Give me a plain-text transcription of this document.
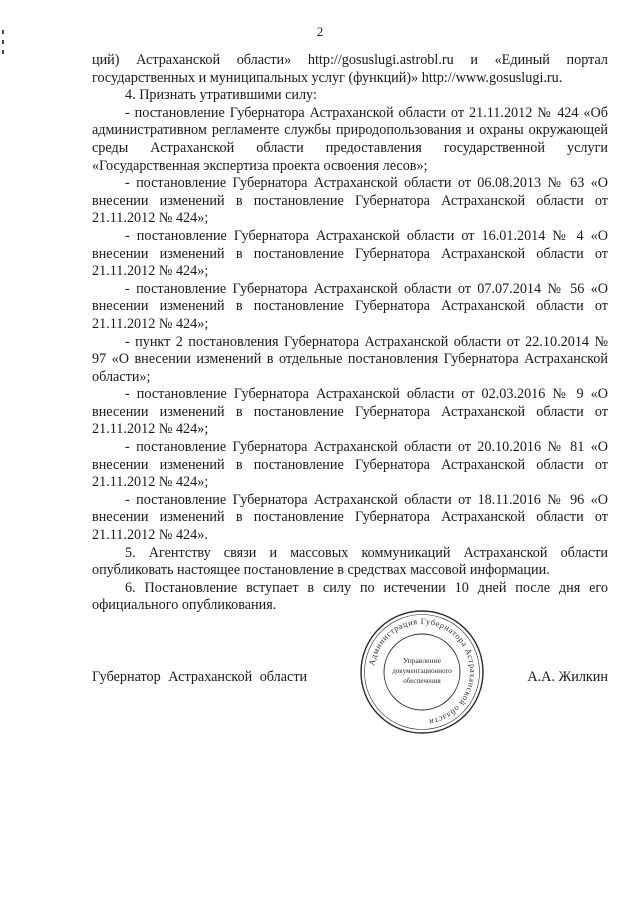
2

ций) Астраханской области» http://gosuslugi.astrobl.ru и «Единый портал государственных и муниципальных услуг (функций)» http://www.gosuslugi.ru.

4. Признать утратившими силу:

- постановление Губернатора Астраханской области от 21.11.2012 № 424 «Об административном регламенте службы природопользования и охраны окружающей среды Астраханской области предоставления государственной услуги «Государственная экспертиза проекта освоения лесов»;

- постановление Губернатора Астраханской области от 06.08.2013 № 63 «О внесении изменений в постановление Губернатора Астраханской области от 21.11.2012 № 424»;

- постановление Губернатора Астраханской области от 16.01.2014 № 4 «О внесении изменений в постановление Губернатора Астраханской области от 21.11.2012 № 424»;

- постановление Губернатора Астраханской области от 07.07.2014 № 56 «О внесении изменений в постановление Губернатора Астраханской области от 21.11.2012 № 424»;

- пункт 2 постановления Губернатора Астраханской области от 22.10.2014 № 97 «О внесении изменений в отдельные постановления Губернатора Астраханской области»;

- постановление Губернатора Астраханской области от 02.03.2016 № 9 «О внесении изменений в постановление Губернатора Астраханской области от 21.11.2012 № 424»;

- постановление Губернатора Астраханской области от 20.10.2016 № 81 «О внесении изменений в постановление Губернатора Астраханской области от 21.11.2012 № 424»;

- постановление Губернатора Астраханской области от 18.11.2016 № 96 «О внесении изменений в постановление Губернатора Астраханской области от 21.11.2012 № 424».

5. Агентству связи и массовых коммуникаций Астраханской области опубликовать настоящее постановление в средствах массовой информации.

6. Постановление вступает в силу по истечении 10 дней после дня его официального опубликования.

Губернатор Астраханской области	А.А. Жилкин
Администрация Губернатора Астраханской области
Управление
документационного
обеспечения
